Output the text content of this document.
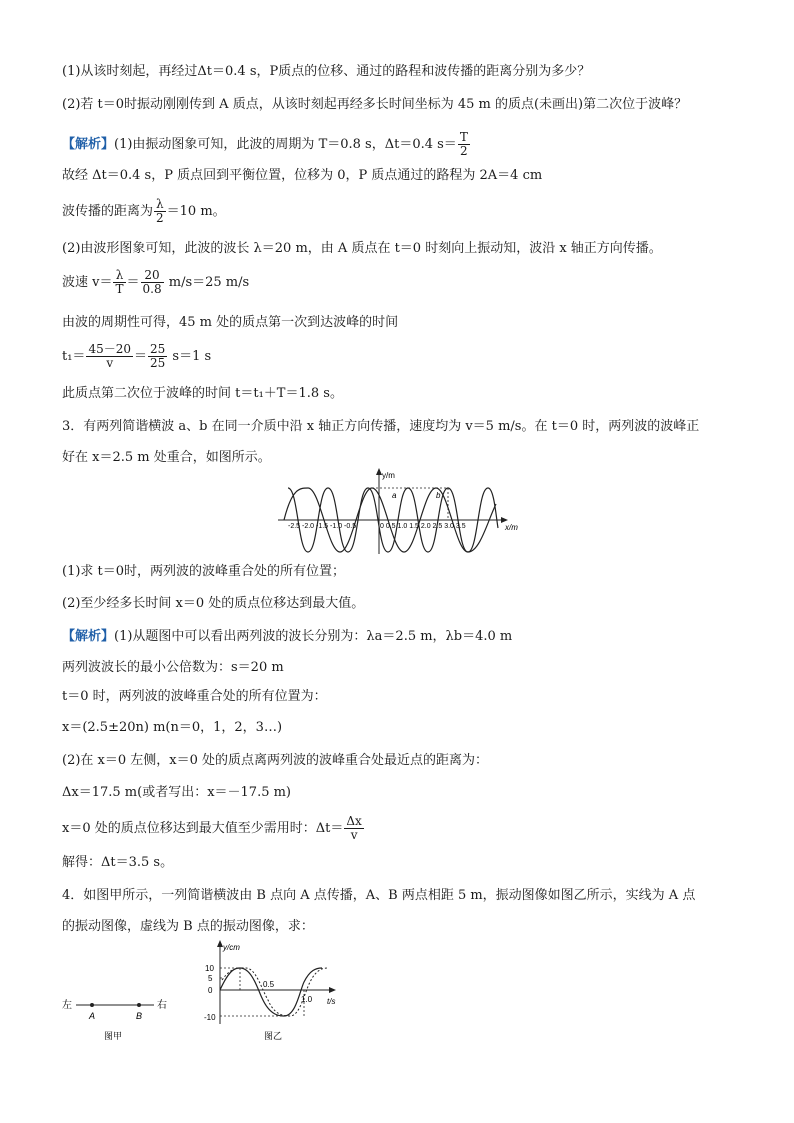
(1)从该时刻起，再经过Δt＝0.4 s，P质点的位移、通过的路程和波传播的距离分别为多少？
(2)若 t＝0时振动刚刚传到 A 质点，从该时刻起再经多长时间坐标为 45 m 的质点(未画出)第二次位于波峰？
【解析】(1)由振动图象可知，此波的周期为 T＝0.8 s，Δt＝0.4 $s= \frac{T}{2}$
故经 Δt＝0.4 s，P 质点回到平衡位置，位移为 0，P 质点通过的路程为 2A＝4 cm
波传播的距离为 $\frac{\lambda}{2} =10$ m。
(2)由波形图象可知，此波的波长 λ＝20 m，由 A 质点在 t＝0 时刻向上振动知，波沿 x 轴正方向传播。
波速 $v= \frac{\lambda}{T} = \frac{20}{0.8} m/s=25$ m/s
由波的周期性可得，45 m 处的质点第一次到达波峰的时间
$t_1= \frac{45-20}{v} = \frac{25}{25} s=1$ s
此质点第二次位于波峰的时间 t＝t₁＋T＝1.8 s。
3．有两列简谐横波 a、b 在同一介质中沿 x 轴正方向传播，速度均为 v＝5 m/s。在 t＝0 时，两列波的波峰正
好在 x＝2.5 m 处重合，如图所示。
y/m
x/m
a	b
-2.5 -2.0 -1.5 -1.0 -0.5	0 0.5 1.0 1.5 2.0 2.5 3.0 3.5
(1)求 t＝0时，两列波的波峰重合处的所有位置；
(2)至少经多长时间 x＝0 处的质点位移达到最大值。
【解析】(1)从题图中可以看出两列波的波长分别为：λa＝2.5 m，λb＝4.0 m
两列波波长的最小公倍数为：s＝20 m
t＝0 时，两列波的波峰重合处的所有位置为：
x＝(2.5±20n) m(n＝0，1，2，3…)
(2)在 x＝0 左侧，x＝0 处的质点离两列波的波峰重合处最近点的距离为：
Δx＝17.5 m(或者写出：x＝－17.5 m)
x＝0 处的质点位移达到最大值至少需用时：$\Delta t= \frac{\Delta x}{v}$
解得：Δt＝3.5 s。
4．如图甲所示，一列简谐横波由 B 点向 A 点传播，A、B 两点相距 5 m，振动图像如图乙所示，实线为 A 点
的振动图像，虚线为 B 点的振动图像，求：
左	右
A	B
图甲
y/cm
t/s
10
5
0
-10
0.5
1.0
图乙
